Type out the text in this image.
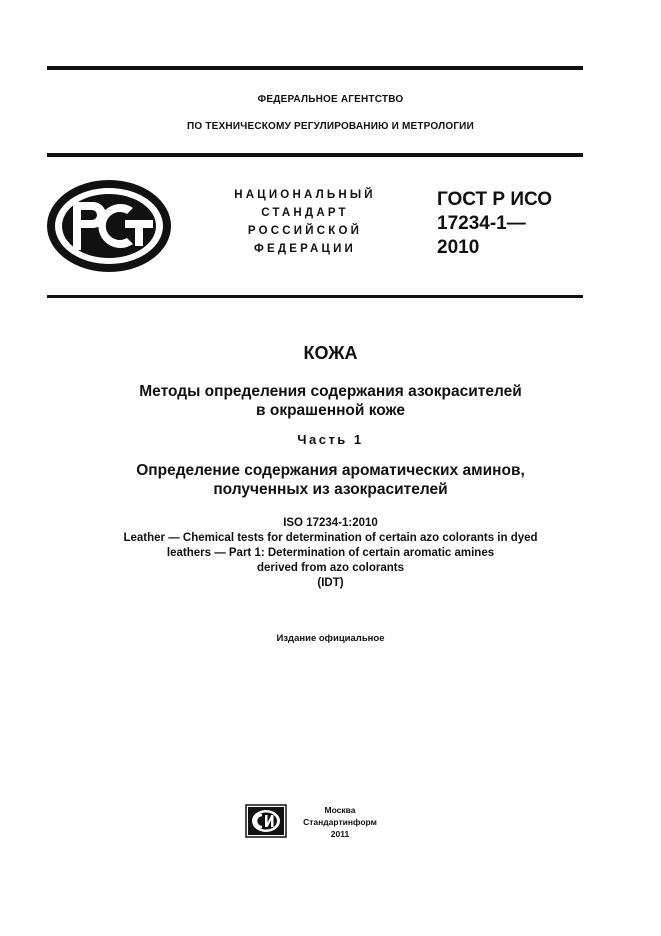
ФЕДЕРАЛЬНОЕ АГЕНТСТВО
ПО ТЕХНИЧЕСКОМУ РЕГУЛИРОВАНИЮ И МЕТРОЛОГИИ
НАЦИОНАЛЬНЫЙ
СТАНДАРТ
РОССИЙСКОЙ
ФЕДЕРАЦИИ
ГОСТ Р ИСО
17234-1—
2010
КОЖА
Методы определения содержания азокрасителей
в окрашенной коже
Часть 1
Определение содержания ароматических аминов,
полученных из азокрасителей
ISO 17234-1:2010
Leather — Chemical tests for determination of certain azo colorants in dyed
leathers — Part 1: Determination of certain aromatic amines
derived from azo colorants
(IDT)
Издание официальное
Москва
Стандартинформ
2011
